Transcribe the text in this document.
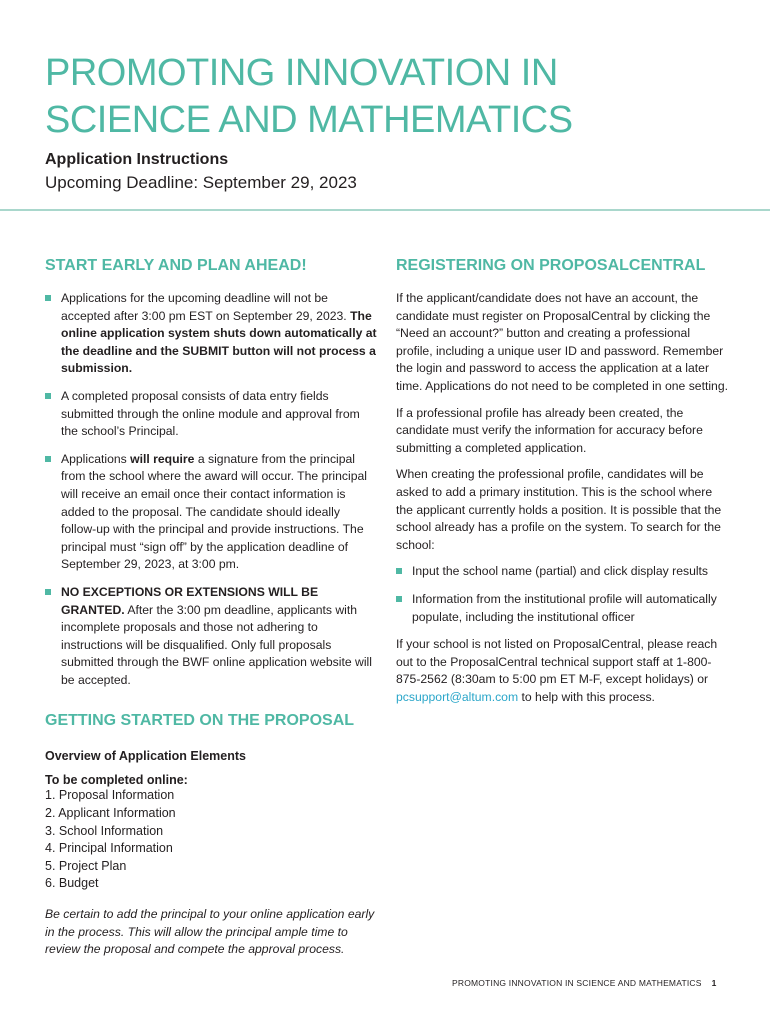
PROMOTING INNOVATION IN
SCIENCE AND MATHEMATICS

Application Instructions

Upcoming Deadline: September 29, 2023

START EARLY AND PLAN AHEAD!
Applications for the upcoming deadline will not be accepted after 3:00 pm EST on September 29, 2023. The online application system shuts down automatically at the deadline and the SUBMIT button will not process a submission.
A completed proposal consists of data entry fields submitted through the online module and approval from the school’s Principal.
Applications will require a signature from the principal from the school where the award will occur. The principal will receive an email once their contact information is added to the proposal. The candidate should ideally follow-up with the principal and provide instructions. The principal must “sign off” by the application deadline of September 29, 2023, at 3:00 pm.
NO EXCEPTIONS OR EXTENSIONS WILL BE GRANTED. After the 3:00 pm deadline, applicants with incomplete proposals and those not adhering to instructions will be disqualified. Only full proposals submitted through the BWF online application website will be accepted.
GETTING STARTED ON THE PROPOSAL

Overview of Application Elements

To be completed online:

1. Proposal Information
2. Applicant Information
3. School Information
4. Principal Information
5. Project Plan
6. Budget

Be certain to add the principal to your online application early in the process. This will allow the principal ample time to review the proposal and compete the approval process.

REGISTERING ON PROPOSALCENTRAL

If the applicant/candidate does not have an account, the candidate must register on ProposalCentral by clicking the “Need an account?” button and creating a professional profile, including a unique user ID and password. Remember the login and password to access the application at a later time. Applications do not need to be completed in one setting.

If a professional profile has already been created, the candidate must verify the information for accuracy before submitting a completed application.

When creating the professional profile, candidates will be asked to add a primary institution. This is the school where the applicant currently holds a position. It is possible that the school already has a profile on the system. To search for the school:

Input the school name (partial) and click display results
Information from the institutional profile will automatically populate, including the institutional officer

If your school is not listed on ProposalCentral, please reach out to the ProposalCentral technical support staff at 1-800-875-2562 (8:30am to 5:00 pm ET M-F, except holidays) or pcsupport@altum.com to help with this process.

PROMOTING INNOVATION IN SCIENCE AND MATHEMATICS 1
